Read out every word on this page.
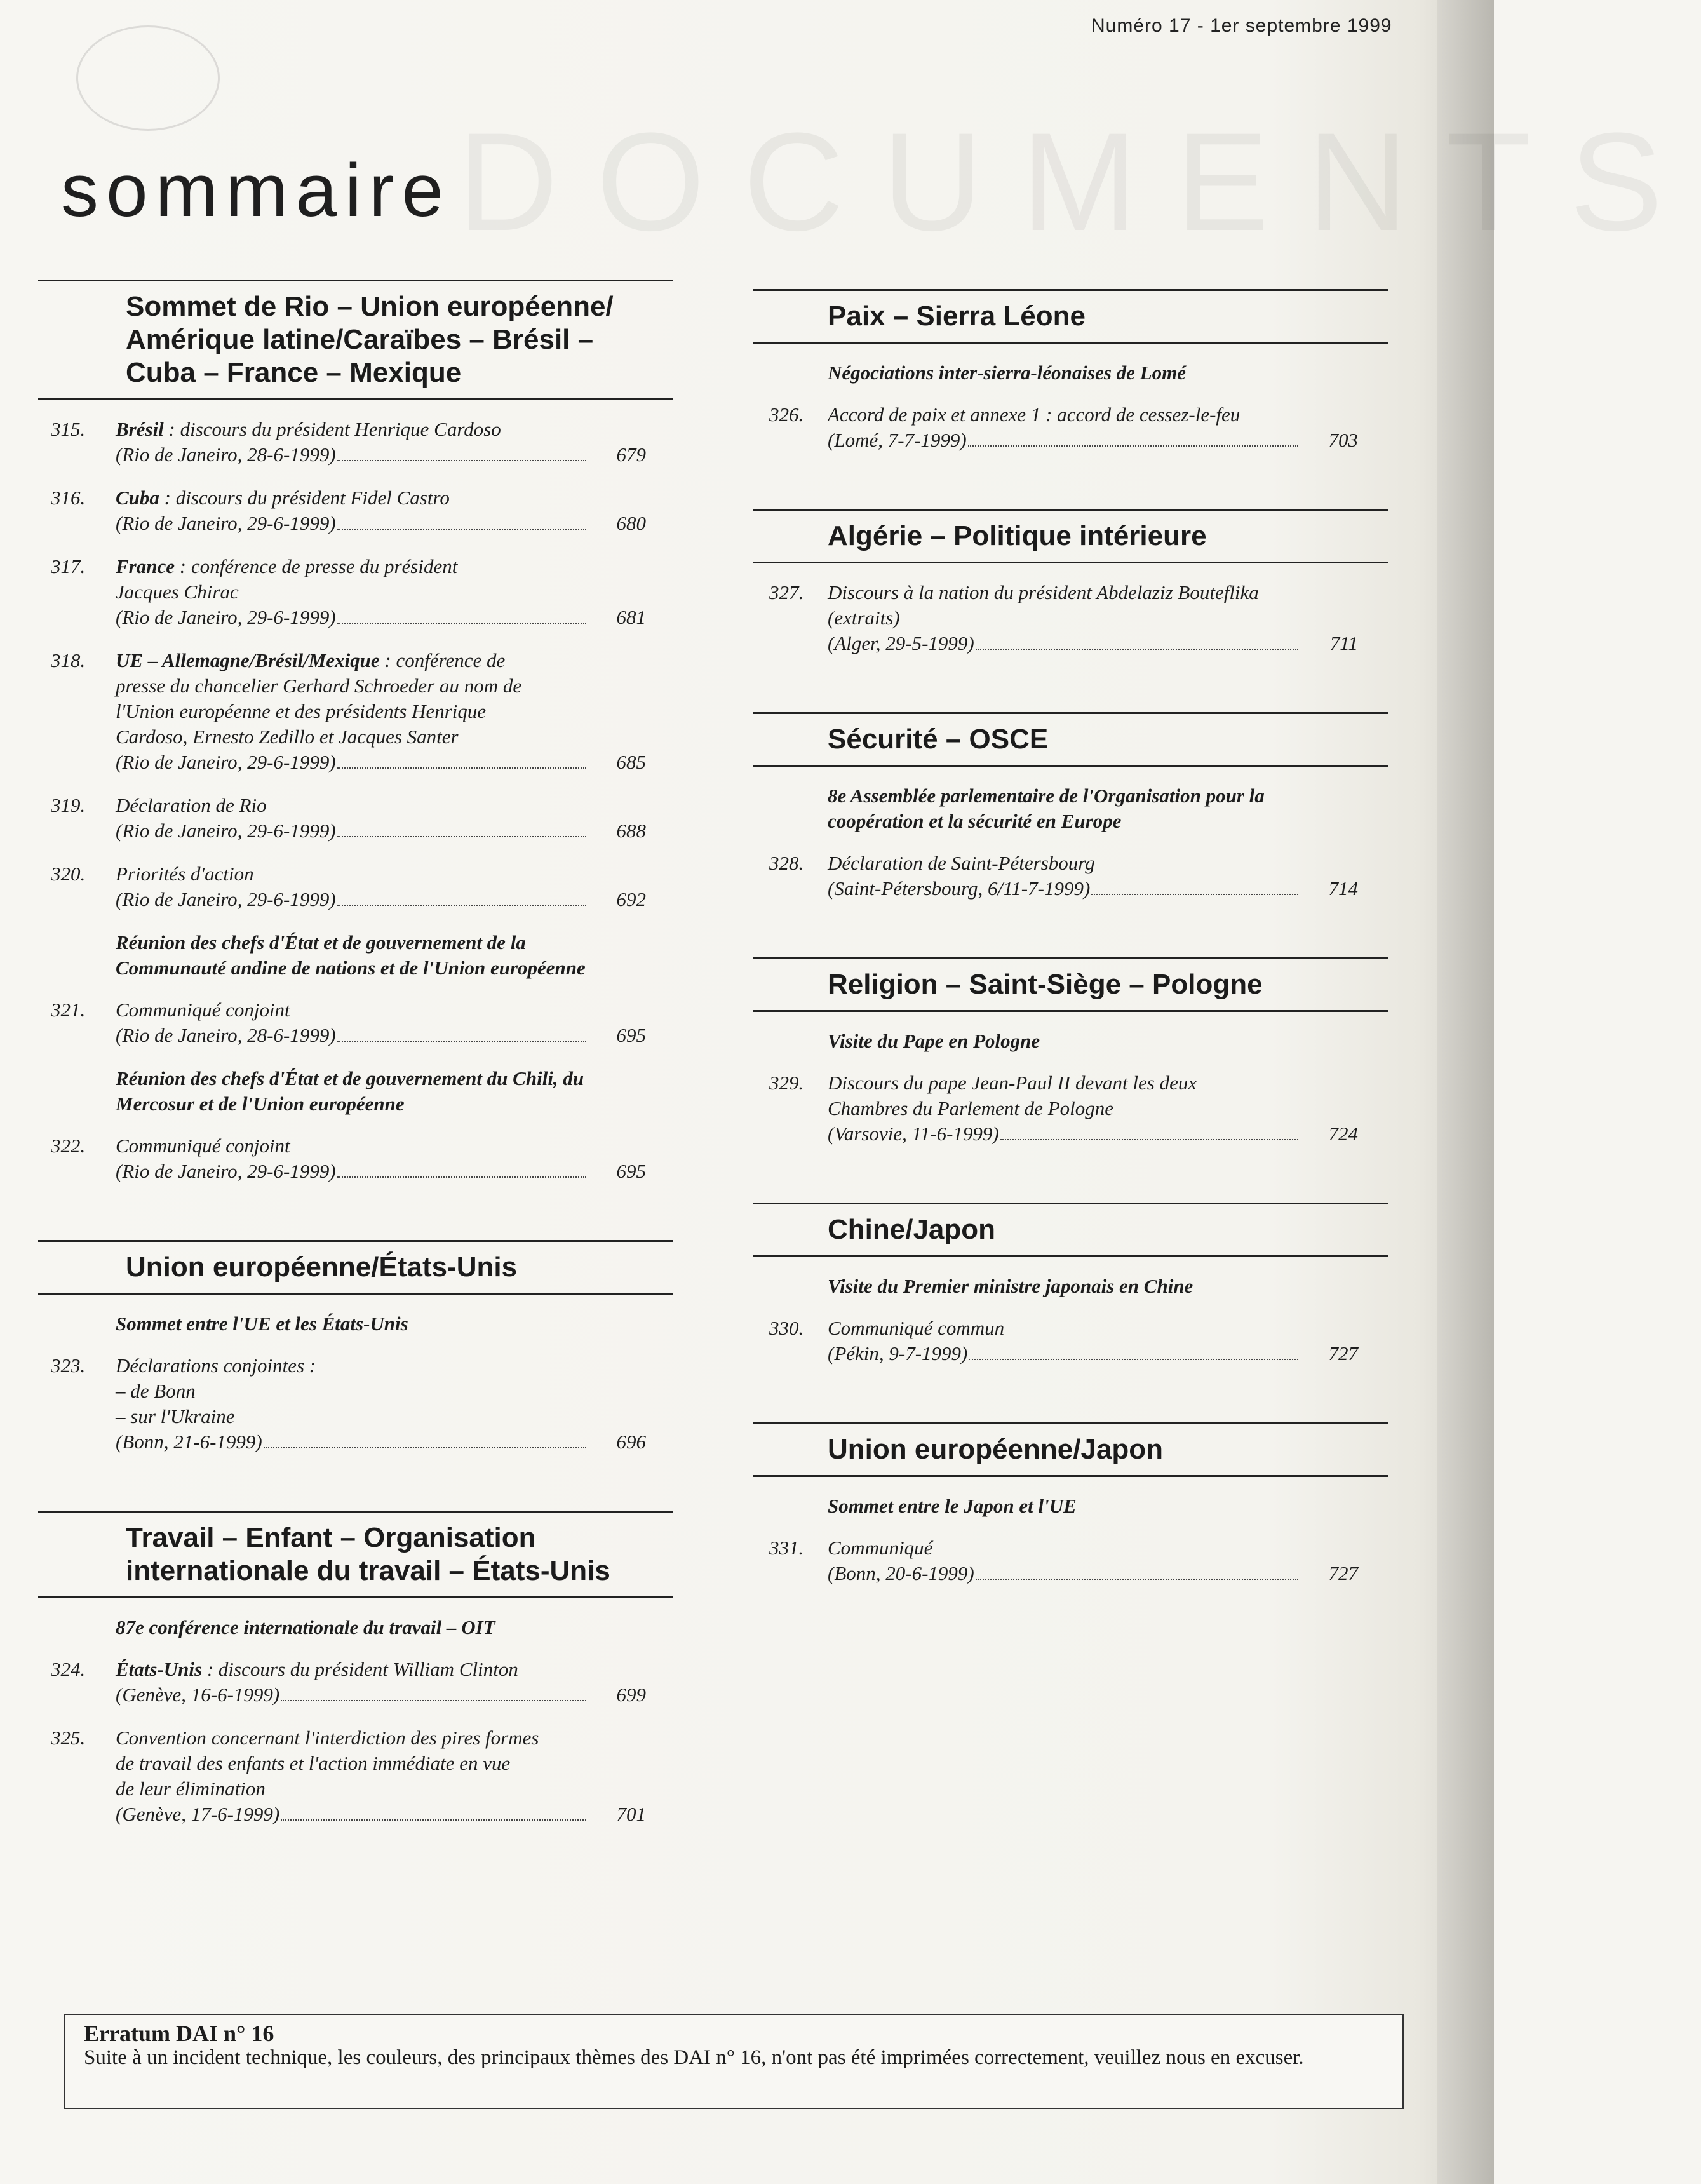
DOCUMENTS
Numéro 17 - 1er septembre 1999
sommaire
Sommet de Rio – Union européenne/ Amérique latine/Caraïbes – Brésil – Cuba – France – Mexique
315.	Brésil : discours du président Henrique Cardoso
(Rio de Janeiro, 28-6-1999)	679
316.	Cuba : discours du président Fidel Castro
(Rio de Janeiro, 29-6-1999)	680
317.	France : conférence de presse du président
Jacques Chirac
(Rio de Janeiro, 29-6-1999)	681
318.	UE – Allemagne/Brésil/Mexique : conférence de
presse du chancelier Gerhard Schroeder au nom de
l'Union européenne et des présidents Henrique
Cardoso, Ernesto Zedillo et Jacques Santer
(Rio de Janeiro, 29-6-1999)	685
319.	Déclaration de Rio
(Rio de Janeiro, 29-6-1999)	688
320.	Priorités d'action
(Rio de Janeiro, 29-6-1999)	692
Réunion des chefs d'État et de gouvernement de la Communauté andine de nations et de l'Union européenne
321.	Communiqué conjoint
(Rio de Janeiro, 28-6-1999)	695
Réunion des chefs d'État et de gouvernement du Chili, du Mercosur et de l'Union européenne
322.	Communiqué conjoint
(Rio de Janeiro, 29-6-1999)	695
Union européenne/États-Unis
Sommet entre l'UE et les États-Unis
323.	Déclarations conjointes :
– de Bonn
– sur l'Ukraine
(Bonn, 21-6-1999)	696
Travail – Enfant – Organisation internationale du travail – États-Unis
87e conférence internationale du travail – OIT
324.	États-Unis : discours du président William Clinton
(Genève, 16-6-1999)	699
325.	Convention concernant l'interdiction des pires formes
de travail des enfants et l'action immédiate en vue
de leur élimination
(Genève, 17-6-1999)	701
Paix – Sierra Léone
Négociations inter-sierra-léonaises de Lomé
326.	Accord de paix et annexe 1 : accord de cessez-le-feu
(Lomé, 7-7-1999)	703
Algérie – Politique intérieure
327.	Discours à la nation du président Abdelaziz Bouteflika
(extraits)
(Alger, 29-5-1999)	711
Sécurité – OSCE
8e Assemblée parlementaire de l'Organisation pour la coopération et la sécurité en Europe
328.	Déclaration de Saint-Pétersbourg
(Saint-Pétersbourg, 6/11-7-1999)	714
Religion – Saint-Siège – Pologne
Visite du Pape en Pologne
329.	Discours du pape Jean-Paul II devant les deux
Chambres du Parlement de Pologne
(Varsovie, 11-6-1999)	724
Chine/Japon
Visite du Premier ministre japonais en Chine
330.	Communiqué commun
(Pékin, 9-7-1999)	727
Union européenne/Japon
Sommet entre le Japon et l'UE
331.	Communiqué
(Bonn, 20-6-1999)	727
Erratum DAI n° 16
Suite à un incident technique, les couleurs, des principaux thèmes des DAI n° 16, n'ont pas été imprimées correctement, veuillez nous en excuser.
